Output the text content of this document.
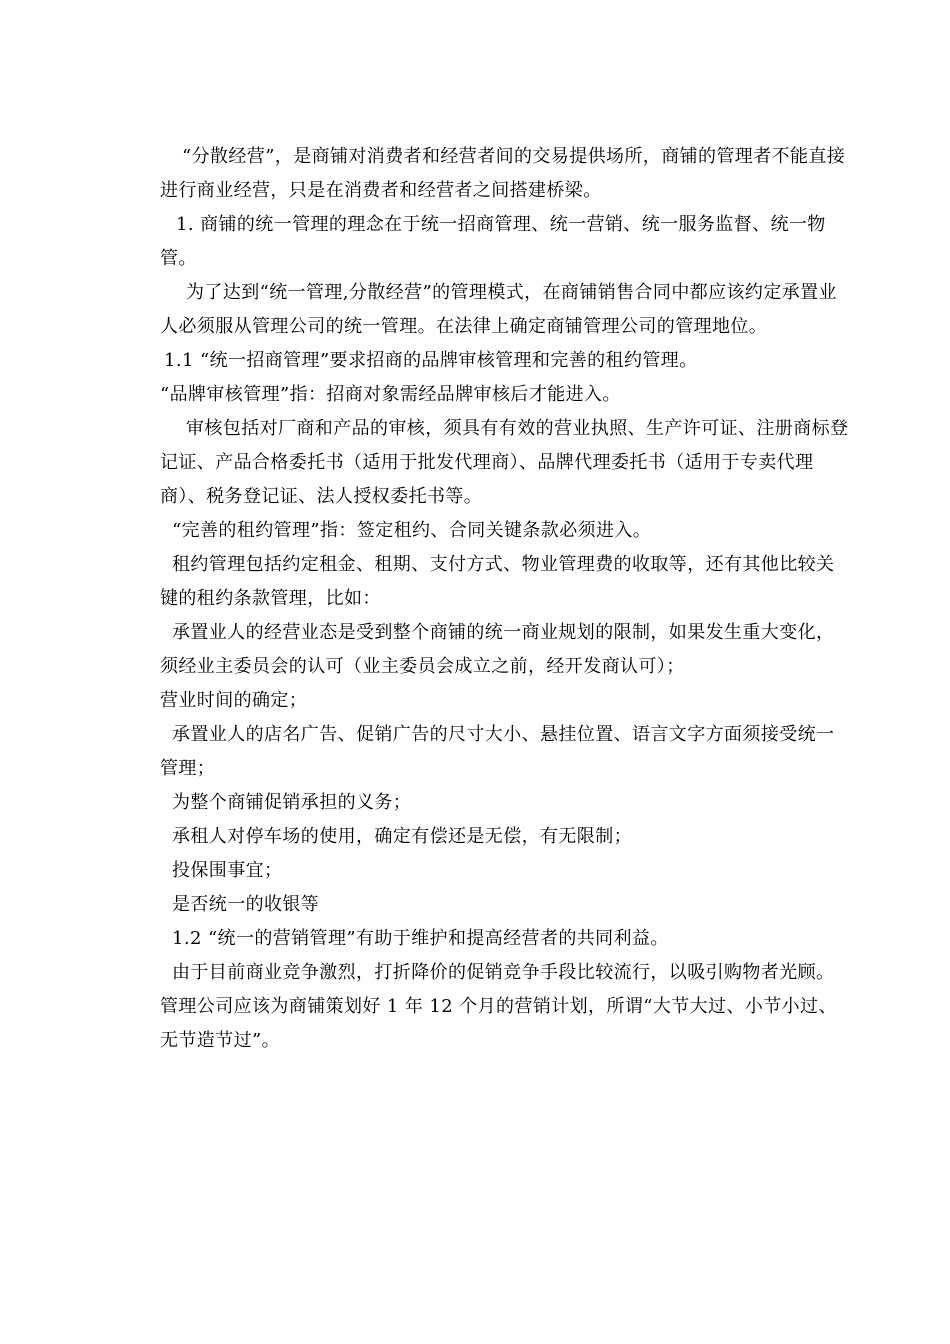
“分散经营”，是商铺对消费者和经营者间的交易提供场所，商铺的管理者不能直接进行商业经营，只是在消费者和经营者之间搭建桥梁。

1. 商铺的统一管理的理念在于统一招商管理、统一营销、统一服务监督、统一物管。

为了达到“统一管理,分散经营”的管理模式，在商铺销售合同中都应该约定承置业人必须服从管理公司的统一管理。在法律上确定商铺管理公司的管理地位。

1.1 “统一招商管理”要求招商的品牌审核管理和完善的租约管理。

“品牌审核管理”指：招商对象需经品牌审核后才能进入。

审核包括对厂商和产品的审核，须具有有效的营业执照、生产许可证、注册商标登记证、产品合格委托书（适用于批发代理商）、品牌代理委托书（适用于专卖代理商）、税务登记证、法人授权委托书等。

“完善的租约管理”指：签定租约、合同关键条款必须进入。

租约管理包括约定租金、租期、支付方式、物业管理费的收取等，还有其他比较关键的租约条款管理，比如：

承置业人的经营业态是受到整个商铺的统一商业规划的限制，如果发生重大变化，须经业主委员会的认可（业主委员会成立之前，经开发商认可）；

营业时间的确定；

承置业人的店名广告、促销广告的尺寸大小、悬挂位置、语言文字方面须接受统一管理；

为整个商铺促销承担的义务；

承租人对停车场的使用，确定有偿还是无偿，有无限制；

投保围事宜；

是否统一的收银等

1.2 “统一的营销管理”有助于维护和提高经营者的共同利益。

由于目前商业竞争激烈，打折降价的促销竞争手段比较流行，以吸引购物者光顾。管理公司应该为商铺策划好 1 年 12 个月的营销计划，所谓“大节大过、小节小过、无节造节过”。
